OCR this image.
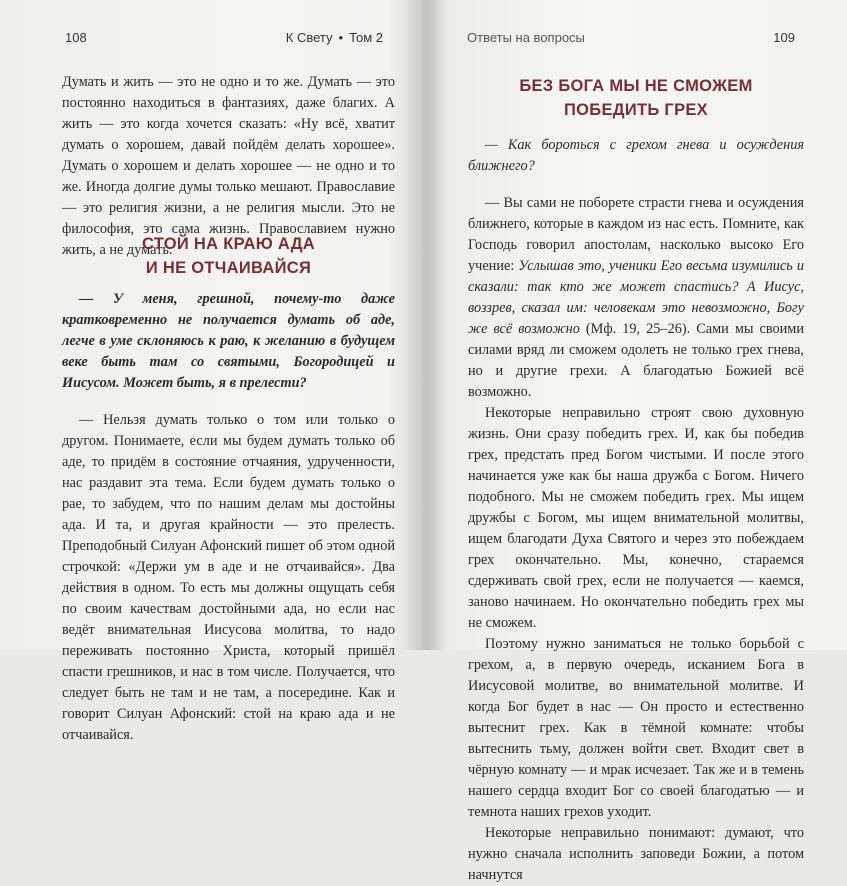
108	К Свету • Том 2

Думать и жить — это не одно и то же. Думать — это постоянно находиться в фантазиях, даже благих. А жить — это когда хочется сказать: «Ну всё, хватит думать о хорошем, давай пойдём делать хорошее». Думать о хорошем и делать хорошее — не одно и то же. Иногда долгие думы только мешают. Православие — это религия жизни, а не религия мысли. Это не философия, это сама жизнь. Православием нужно жить, а не думать.

СТОЙ НА КРАЮ АДА
И НЕ ОТЧАИВАЙСЯ

— У меня, грешной, почему-то даже кратковременно не получается думать об аде, легче в уме склоняюсь к раю, к желанию в будущем веке быть там со святыми, Богородицей и Иисусом. Может быть, я в прелести?

— Нельзя думать только о том или только о другом. Понимаете, если мы будем думать только об аде, то придём в состояние отчаяния, удрученности, нас раздавит эта тема. Если будем думать только о рае, то забудем, что по нашим делам мы достойны ада. И та, и другая крайности — это прелесть. Преподобный Силуан Афонский пишет об этом одной строчкой: «Держи ум в аде и не отчаивайся». Два действия в одном. То есть мы должны ощущать себя по своим качествам достойными ада, но если нас ведёт внимательная Иисусова молитва, то надо переживать постоянно Христа, который пришёл спасти грешников, и нас в том числе. Получается, что следует быть не там и не там, а посередине. Как и говорит Силуан Афонский: стой на краю ада и не отчаивайся.

Ответы на вопросы	109
БЕЗ БОГА МЫ НЕ СМОЖЕМ
ПОБЕДИТЬ ГРЕХ

— Как бороться с грехом гнева и осуждения ближнего?

— Вы сами не поборете страсти гнева и осуждения ближнего, которые в каждом из нас есть. Помните, как Господь говорил апостолам, насколько высоко Его учение: Услышав это, ученики Его весьма изумились и сказали: так кто же может спастись? А Иисус, воззрев, сказал им: человекам это невозможно, Богу же всё возможно (Мф. 19, 25–26). Сами мы своими силами вряд ли сможем одолеть не только грех гнева, но и другие грехи. А благодатью Божией всё возможно.

Некоторые неправильно строят свою духовную жизнь. Они сразу победить грех. И, как бы победив грех, предстать пред Богом чистыми. И после этого начинается уже как бы наша дружба с Богом. Ничего подобного. Мы не сможем победить грех. Мы ищем дружбы с Богом, мы ищем внимательной молитвы, ищем благодати Духа Святого и через это побеждаем грех окончательно. Мы, конечно, стараемся сдерживать свой грех, если не получается — каемся, заново начинаем. Но окончательно победить грех мы не сможем.

Поэтому нужно заниматься не только борьбой с грехом, а, в первую очередь, исканием Бога в Иисусовой молитве, во внимательной молитве. И когда Бог будет в нас — Он просто и естественно вытеснит грех. Как в тёмной комнате: чтобы вытеснить тьму, должен войти свет. Входит свет в чёрную комнату — и мрак исчезает. Так же и в темень нашего сердца входит Бог со своей благодатью — и темнота наших грехов уходит.

Некоторые неправильно понимают: думают, что нужно сначала исполнить заповеди Божии, а потом начнутся
